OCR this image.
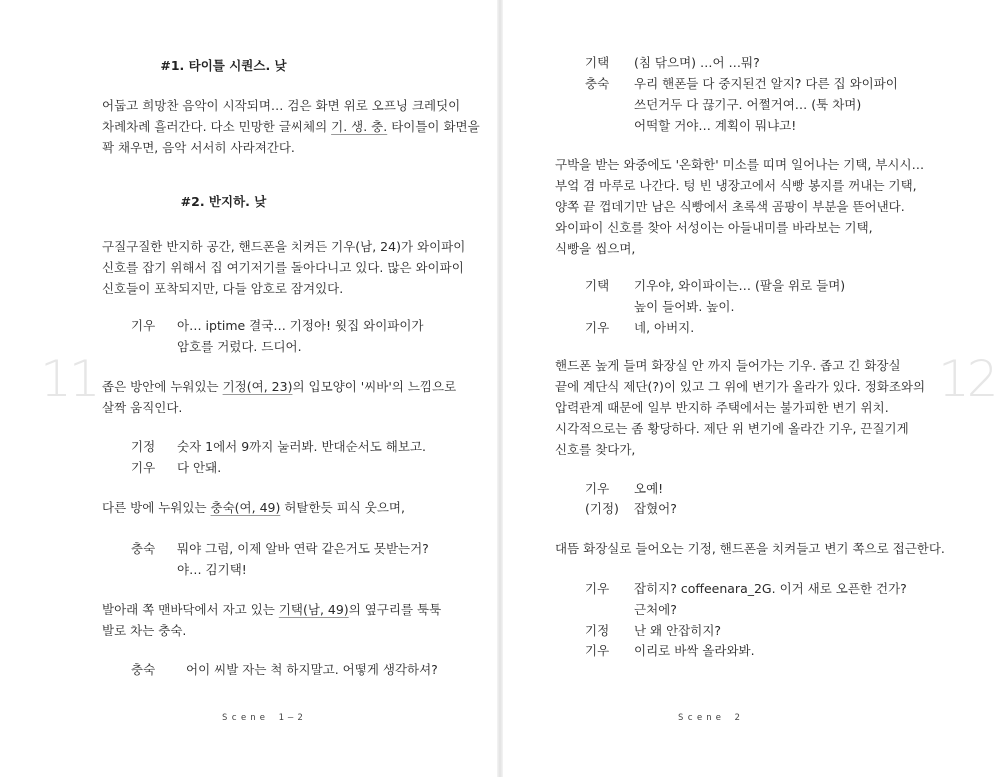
11
#1. 타이틀 시퀀스. 낮
어둡고 희망찬 음악이 시작되며… 검은 화면 위로 오프닝 크레딧이
차례차례 흘러간다. 다소 민망한 글씨체의 기. 생. 충. 타이틀이 화면을
꽉 채우면, 음악 서서히 사라져간다.
#2. 반지하. 낮
구질구질한 반지하 공간, 핸드폰을 치켜든 기우(남, 24)가 와이파이
신호를 잡기 위해서 집 여기저기를 돌아다니고 있다. 많은 와이파이
신호들이 포착되지만, 다들 암호로 잠겨있다.
기우 아… iptime 결국… 기정아! 윗집 와이파이가
암호를 거렀다. 드디어.
좁은 방안에 누워있는 기정(여, 23)의 입모양이 '씨바'의 느낌으로
살짝 움직인다.
기정 숫자 1에서 9까지 눌러봐. 반대순서도 해보고.
기우 다 안돼.
다른 방에 누워있는 충숙(여, 49) 허탈한듯 피식 웃으며,
충숙 뭐야 그럼, 이제 알바 연락 같은거도 못받는거?
야… 김기택!
발아래 쪽 맨바닥에서 자고 있는 기택(남, 49)의 옆구리를 툭툭
발로 차는 충숙.
충숙 어이 씨발 자는 척 하지말고. 어떻게 생각하셔?
Scene 1—2
12
기택 (침 닦으며) …어 …뭐?
충숙 우리 핸폰들 다 중지된건 알지? 다른 집 와이파이
쓰던거두 다 끊기구. 어쩔거여… (툭 차며)
어떡할 거야… 계획이 뭐냐고!
구박을 받는 와중에도 '온화한' 미소를 띠며 일어나는 기택, 부시시…
부엌 겸 마루로 나간다. 텅 빈 냉장고에서 식빵 봉지를 꺼내는 기택,
양쪽 끝 껍데기만 남은 식빵에서 초록색 곰팡이 부분을 뜯어낸다.
와이파이 신호를 찾아 서성이는 아들내미를 바라보는 기택,
식빵을 씹으며,
기택 기우야, 와이파이는… (팔을 위로 들며)
높이 들어봐. 높이.
기우 네, 아버지.
핸드폰 높게 들며 화장실 안 까지 들어가는 기우. 좁고 긴 화장실
끝에 계단식 제단(?)이 있고 그 위에 변기가 올라가 있다. 정화조와의
압력관계 때문에 일부 반지하 주택에서는 불가피한 변기 위치.
시각적으로는 좀 황당하다. 제단 위 변기에 올라간 기우, 끈질기게
신호를 찾다가,
기우 오예!
(기정) 잡혔어?
대뜸 화장실로 들어오는 기정, 핸드폰을 치켜들고 변기 쪽으로 접근한다.
기우 잡히지? coffeenara_2G. 이거 새로 오픈한 건가?
근처에?
기정 난 왜 안잡히지?
기우 이리로 바싹 올라와봐.
Scene 2
